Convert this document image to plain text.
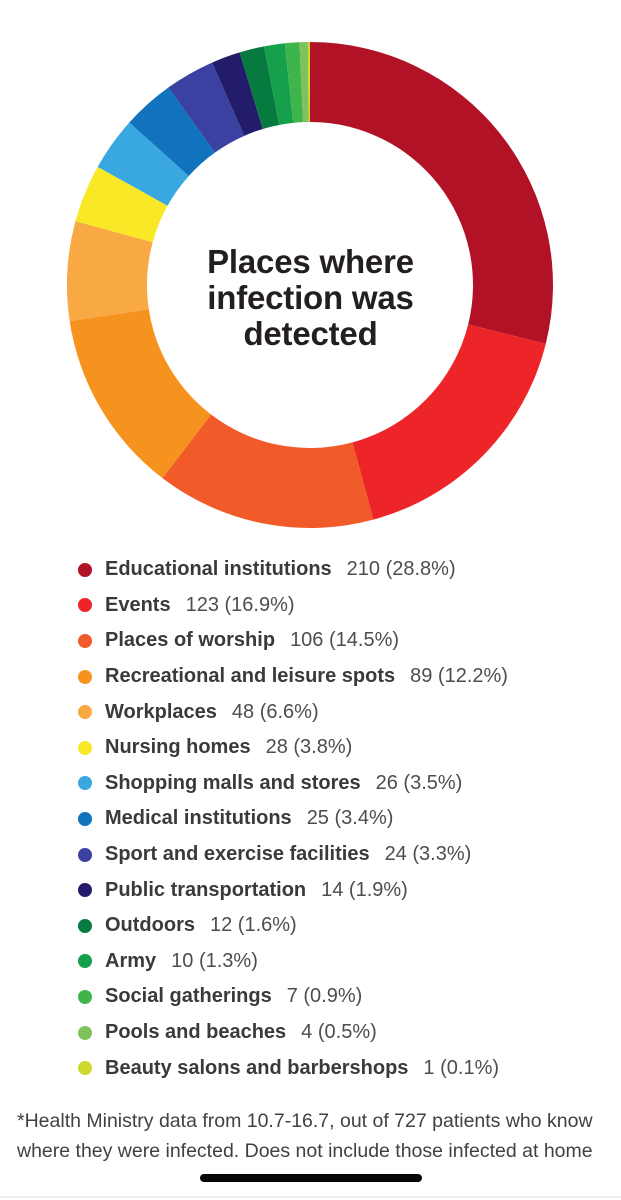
Places where infection was detected
Educational institutions 210 (28.8%)
Events 123 (16.9%)
Places of worship 106 (14.5%)
Recreational and leisure spots 89 (12.2%)
Workplaces 48 (6.6%)
Nursing homes 28 (3.8%)
Shopping malls and stores 26 (3.5%)
Medical institutions 25 (3.4%)
Sport and exercise facilities 24 (3.3%)
Public transportation 14 (1.9%)
Outdoors 12 (1.6%)
Army 10 (1.3%)
Social gatherings 7 (0.9%)
Pools and beaches 4 (0.5%)
Beauty salons and barbershops 1 (0.1%)

*Health Ministry data from 10.7-16.7, out of 727 patients who know
where they were infected. Does not include those infected at home
